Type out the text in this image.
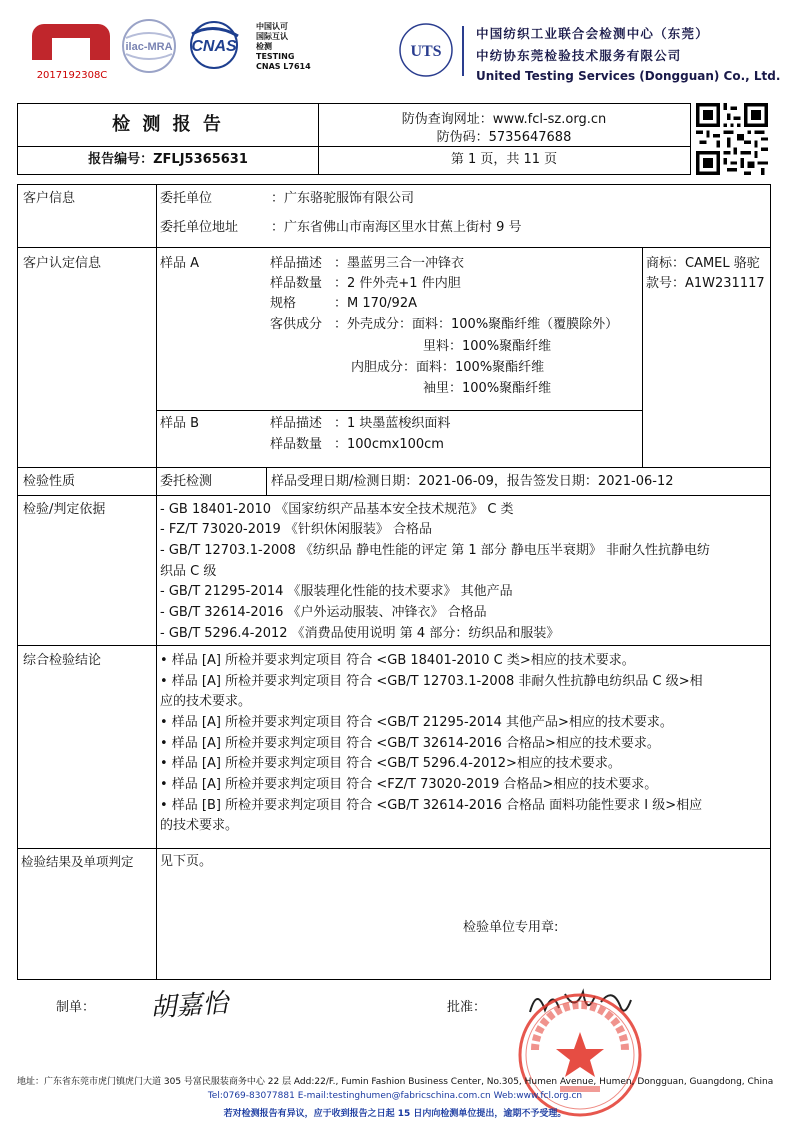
MA
2017192308C
ilac-MRA CNAS
中国认可
国际互认
检测
TESTING
CNAS L7614
UTS
中国纺织工业联合会检测中心（东莞）
中纺协东莞检验技术服务有限公司
United Testing Services (Dongguan) Co., Ltd.
检 测 报 告	防伪查询网址：www.fcl-sz.org.cn
防伪码：5735647688
报告编号：ZFLJ5365631	第 1 页，共 11 页
客户信息	委托单位	：广东骆驼服饰有限公司
委托单位地址	：广东省佛山市南海区里水甘蕉上街村 9 号
客户认定信息	样品 A	样品描述 ：墨蓝男三合一冲锋衣
样品数量 ：2 件外壳+1 件内胆
规格	：M 170/92A
客供成分 ：外壳成分：面料：100%聚酯纤维（覆膜除外）
里料：100%聚酯纤维
内胆成分：面料：100%聚酯纤维
袖里：100%聚酯纤维
商标：CAMEL 骆驼
款号：A1W231117
样品 B	样品描述 ：1 块墨蓝梭织面料
样品数量 ：100cmx100cm
检验性质	委托检测	样品受理日期/检测日期：2021-06-09，报告签发日期：2021-06-12
检验/判定依据	- GB 18401-2010 《国家纺织产品基本安全技术规范》 C 类
- FZ/T 73020-2019 《针织休闲服装》 合格品
- GB/T 12703.1-2008 《纺织品 静电性能的评定 第 1 部分 静电压半衰期》 非耐久性抗静电纺
织品 C 级
- GB/T 21295-2014 《服装理化性能的技术要求》 其他产品
- GB/T 32614-2016 《户外运动服装、冲锋衣》 合格品
- GB/T 5296.4-2012 《消费品使用说明 第 4 部分：纺织品和服装》
综合检验结论	• 样品 [A] 所检并要求判定项目 符合 <GB 18401-2010 C 类>相应的技术要求。
• 样品 [A] 所检并要求判定项目 符合 <GB/T 12703.1-2008 非耐久性抗静电纺织品 C 级>相
应的技术要求。
• 样品 [A] 所检并要求判定项目 符合 <GB/T 21295-2014 其他产品>相应的技术要求。
• 样品 [A] 所检并要求判定项目 符合 <GB/T 32614-2016 合格品>相应的技术要求。
• 样品 [A] 所检并要求判定项目 符合 <GB/T 5296.4-2012>相应的技术要求。
• 样品 [A] 所检并要求判定项目 符合 <FZ/T 73020-2019 合格品>相应的技术要求。
• 样品 [B] 所检并要求判定项目 符合 <GB/T 32614-2016 合格品 面料功能性要求 Ⅰ 级>相应
的技术要求。
检验结果及单项判定 见下页。
检验单位专用章:
制单： 胡嘉怡	批准：
地址：广东省东莞市虎门镇虎门大道 305 号富民服装商务中心 22 层 Add:22/F., Fumin Fashion Business Center, No.305, Humen Avenue, Humen, Dongguan, Guangdong, China
Tel:0769-83077881 E-mail:testinghumen@fabricschina.com.cn Web:www.fcl.org.cn
若对检测报告有异议，应于收到报告之日起 15 日内向检测单位提出，逾期不予受理。
